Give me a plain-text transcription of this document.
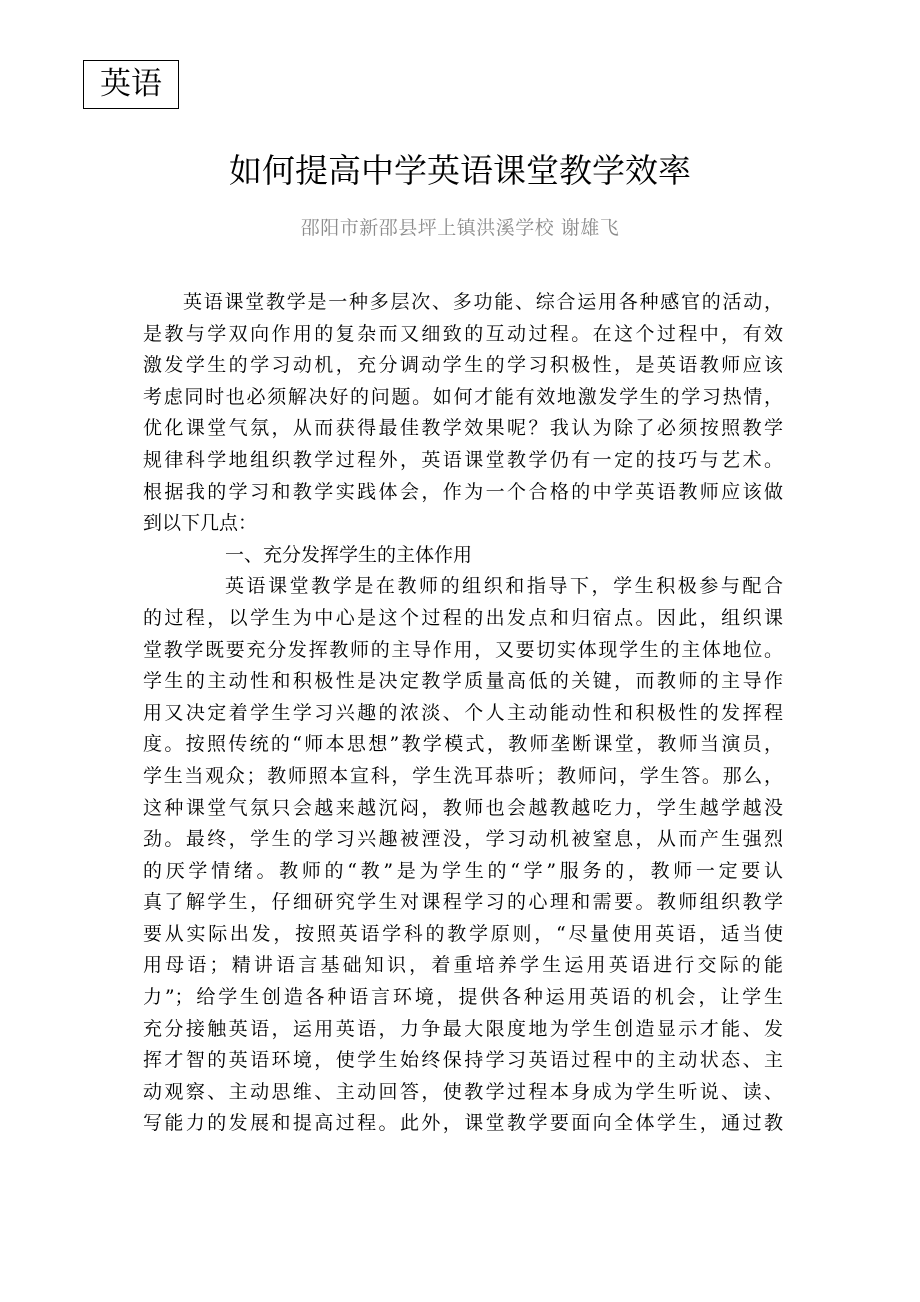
英语
如何提高中学英语课堂教学效率
邵阳市新邵县坪上镇洪溪学校 谢雄飞
英语课堂教学是一种多层次、多功能、综合运用各种感官的活动，
是教与学双向作用的复杂而又细致的互动过程。在这个过程中，有效
激发学生的学习动机，充分调动学生的学习积极性，是英语教师应该
考虑同时也必须解决好的问题。如何才能有效地激发学生的学习热情，
优化课堂气氛，从而获得最佳教学效果呢？我认为除了必须按照教学
规律科学地组织教学过程外，英语课堂教学仍有一定的技巧与艺术。
根据我的学习和教学实践体会，作为一个合格的中学英语教师应该做
到以下几点：
一、充分发挥学生的主体作用
英语课堂教学是在教师的组织和指导下，学生积极参与配合
的过程，以学生为中心是这个过程的出发点和归宿点。因此，组织课
堂教学既要充分发挥教师的主导作用，又要切实体现学生的主体地位。
学生的主动性和积极性是决定教学质量高低的关键，而教师的主导作
用又决定着学生学习兴趣的浓淡、个人主动能动性和积极性的发挥程
度。按照传统的“师本思想”教学模式，教师垄断课堂，教师当演员，
学生当观众；教师照本宣科，学生洗耳恭听；教师问，学生答。那么，
这种课堂气氛只会越来越沉闷，教师也会越教越吃力，学生越学越没
劲。最终，学生的学习兴趣被湮没，学习动机被窒息，从而产生强烈
的厌学情绪。教师的“教”是为学生的“学”服务的，教师一定要认
真了解学生，仔细研究学生对课程学习的心理和需要。教师组织教学
要从实际出发，按照英语学科的教学原则，“尽量使用英语，适当使
用母语；精讲语言基础知识，着重培养学生运用英语进行交际的能
力”；给学生创造各种语言环境，提供各种运用英语的机会，让学生
充分接触英语，运用英语，力争最大限度地为学生创造显示才能、发
挥才智的英语环境，使学生始终保持学习英语过程中的主动状态、主
动观察、主动思维、主动回答，使教学过程本身成为学生听说、读、
写能力的发展和提高过程。此外，课堂教学要面向全体学生，通过教
